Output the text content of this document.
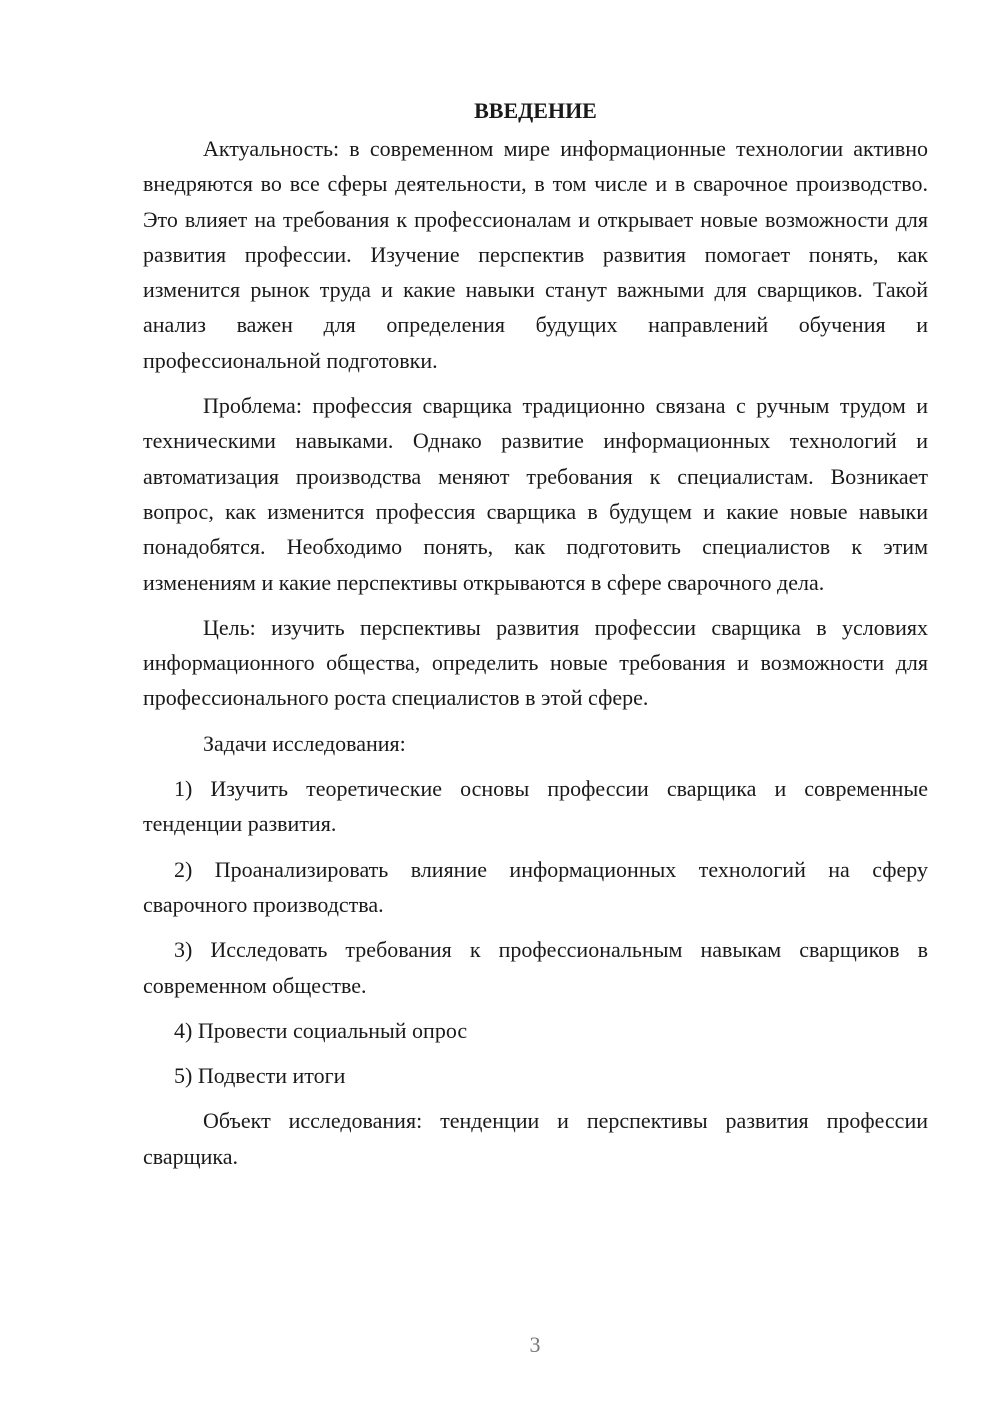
ВВЕДЕНИЕ

Актуальность: в современном мире информационные технологии активно внедряются во все сферы деятельности, в том числе и в сварочное производство. Это влияет на требования к профессионалам и открывает новые возможности для развития профессии. Изучение перспектив развития помогает понять, как изменится рынок труда и какие навыки станут важными для сварщиков. Такой анализ важен для определения будущих направлений обучения и профессиональной подготовки.

Проблема: профессия сварщика традиционно связана с ручным трудом и техническими навыками. Однако развитие информационных технологий и автоматизация производства меняют требования к специалистам. Возникает вопрос, как изменится профессия сварщика в будущем и какие новые навыки понадобятся. Необходимо понять, как подготовить специалистов к этим изменениям и какие перспективы открываются в сфере сварочного дела.

Цель: изучить перспективы развития профессии сварщика в условиях информационного общества, определить новые требования и возможности для профессионального роста специалистов в этой сфере.

Задачи исследования:

1) Изучить теоретические основы профессии сварщика и современные тенденции развития.

2) Проанализировать влияние информационных технологий на сферу сварочного производства.

3) Исследовать требования к профессиональным навыкам сварщиков в современном обществе.

4) Провести социальный опрос

5) Подвести итоги

Объект исследования: тенденции и перспективы развития профессии сварщика.

3
